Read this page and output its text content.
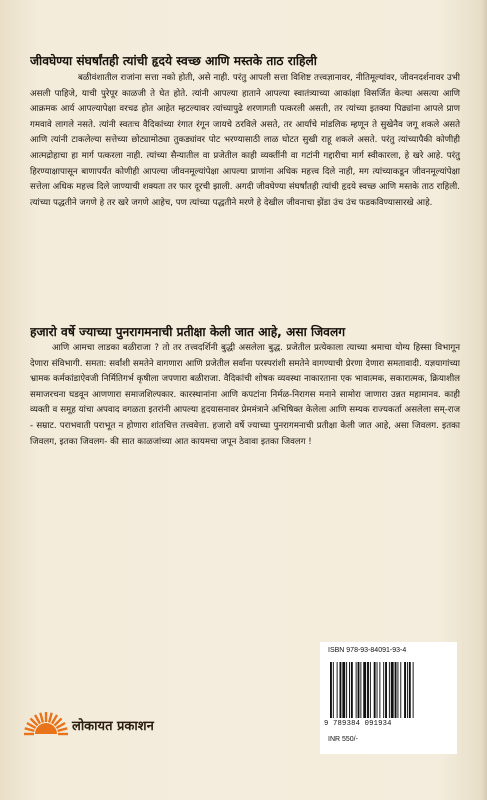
जीवघेण्या संघर्षांतही त्यांची हृदये स्वच्छ आणि मस्तके ताठ राहिली

बळीवंशातील राजांना सत्ता नको होती, असे नाही. परंतु आपली सत्ता विशिष्ट तत्त्वज्ञानावर, नीतिमूल्यांवर, जीवनदर्शनावर उभी असली पाहिजे, याची पुरेपूर काळजी ते घेत होते. त्यांनी आपल्या हाताने आपल्या स्वातंत्र्याच्या आकांक्षा विसर्जित केल्या असत्या आणि आक्रमक आर्य आपल्यापेक्षा वरचढ होत आहेत म्हटल्यावर त्यांच्यापुढे शरणागती पत्करली असती, तर त्यांच्या इतक्या पिढ्यांना आपले प्राण गमवावे लागले नसते. त्यांनी स्वतःच वैदिकांच्या रंगात रंगून जायचे ठरविले असते, तर आर्यांचे मांडलिक म्हणून ते सुखेनैव जगू शकले असते आणि त्यांनी टाकलेल्या सत्तेच्या छोट्यामोठ्या तुकड्यांवर पोट भरण्यासाठी लाळ घोटत सुखी राहू शकले असते. परंतु त्यांच्यापैकी कोणीही आत्मद्रोहाचा हा मार्ग पत्करला नाही. त्यांच्या सैन्यातील वा प्रजेतील काही व्यक्तींनी वा गटांनी गद्दारीचा मार्ग स्वीकारला, हे खरे आहे. परंतु हिरण्याक्षापासून बाणापर्यंत कोणीही आपल्या जीवनमूल्यांपेक्षा आपल्या प्राणांना अधिक महत्त्व दिले नाही, मग त्यांच्याकडून जीवनमूल्यांपेक्षा सत्तेला अधिक महत्त्व दिले जाण्याची शक्यता तर फार दूरची झाली. अगदी जीवघेण्या संघर्षांतही त्यांची हृदये स्वच्छ आणि मस्तके ताठ राहिली. त्यांच्या पद्धतीने जगणे हे तर खरे जगणे आहेच, पण त्यांच्या पद्धतीने मरणे हे देखील जीवनाचा झेंडा उंच उंच फडकविण्यासारखे आहे.

हजारो वर्षे ज्याच्या पुनरागमनाची प्रतीक्षा केली जात आहे, असा जिवलग

आणि आमचा लाडका बळीराजा ? तो तर तत्त्वदर्शिनी बुद्धी असलेला बुद्ध. प्रजेतील प्रत्येकाला त्याच्या श्रमाचा योग्य हिस्सा विभागून देणारा संविभागी. समता: सर्वांशी समतेने वागणारा आणि प्रजेतील सर्वांना परस्परांशी समतेने वागण्याची प्रेरणा देणारा समतावादी. यज्ञयागांच्या भ्रामक कर्मकांडाऐवजी निर्मितिगर्भ कृषीला जपणारा बळीराजा. वैदिकांची शोषक व्यवस्था नाकारताना एक भावात्मक, सकारात्मक, क्रियाशील समाजरचना घडवून आणणारा समाजशिल्पकार. कारस्थानांना आणि कपटांना निर्मळ-निरागस मनाने सामोरा जाणारा उन्नत महामानव. काही व्यक्ती व समूह यांचा अपवाद वगळता इतरांनी आपल्या हृदयासनावर प्रेममंत्राने अभिषिक्त केलेला आणि सम्यक राज्यकर्ता असलेला सम्-राज - सम्राट. पराभवाती पराभूत न होणारा शांतचित्त तत्त्ववेत्ता. हजारो वर्षे ज्याच्या पुनरागमनाची प्रतीक्षा केली जात आहे, असा जिवलग. इतका जिवलग, इतका जिवलग- की सात काळजांच्या आत कायमचा जपून ठेवावा इतका जिवलग !

ISBN 978-93-84091-93-4
9 789384 091934
INR 550/-
लोकायत प्रकाशन
